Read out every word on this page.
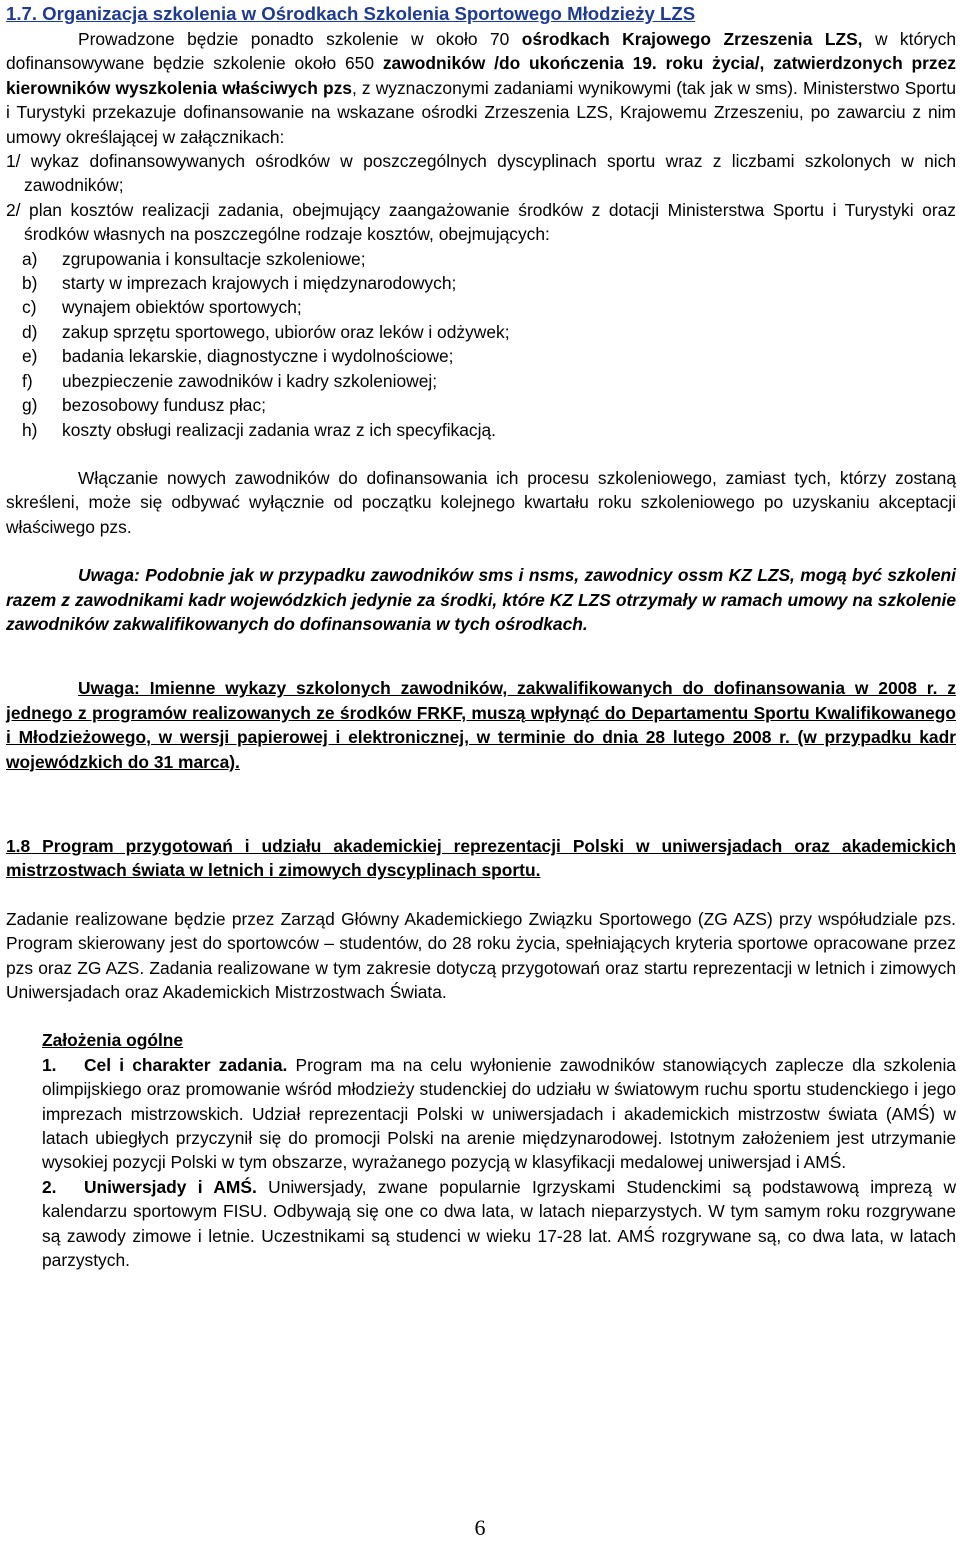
1.7. Organizacja szkolenia w Ośrodkach Szkolenia Sportowego Młodzieży LZS

Prowadzone będzie ponadto szkolenie w około 70 ośrodkach Krajowego Zrzeszenia LZS, w których dofinansowywane będzie szkolenie około 650 zawodników /do ukończenia 19. roku życia/, zatwierdzonych przez kierowników wyszkolenia właściwych pzs, z wyznaczonymi zadaniami wynikowymi (tak jak w sms). Ministerstwo Sportu i Turystyki przekazuje dofinansowanie na wskazane ośrodki Zrzeszenia LZS, Krajowemu Zrzeszeniu, po zawarciu z nim umowy określającej w załącznikach:

1/ wykaz dofinansowywanych ośrodków w poszczególnych dyscyplinach sportu wraz z liczbami szkolonych w nich zawodników;

2/ plan kosztów realizacji zadania, obejmujący zaangażowanie środków z dotacji Ministerstwa Sportu i Turystyki oraz środków własnych na poszczególne rodzaje kosztów, obejmujących:

a) zgrupowania i konsultacje szkoleniowe;
b) starty w imprezach krajowych i międzynarodowych;
c) wynajem obiektów sportowych;
d) zakup sprzętu sportowego, ubiorów oraz leków i odżywek;
e) badania lekarskie, diagnostyczne i wydolnościowe;
f) ubezpieczenie zawodników i kadry szkoleniowej;
g) bezosobowy fundusz płac;
h) koszty obsługi realizacji zadania wraz z ich specyfikacją.

Włączanie nowych zawodników do dofinansowania ich procesu szkoleniowego, zamiast tych, którzy zostaną skreśleni, może się odbywać wyłącznie od początku kolejnego kwartału roku szkoleniowego po uzyskaniu akceptacji właściwego pzs.

Uwaga: Podobnie jak w przypadku zawodników sms i nsms, zawodnicy ossm KZ LZS, mogą być szkoleni razem z zawodnikami kadr wojewódzkich jedynie za środki, które KZ LZS otrzymały w ramach umowy na szkolenie zawodników zakwalifikowanych do dofinansowania w tych ośrodkach.

Uwaga: Imienne wykazy szkolonych zawodników, zakwalifikowanych do dofinansowania w 2008 r. z jednego z programów realizowanych ze środków FRKF, muszą wpłynąć do Departamentu Sportu Kwalifikowanego i Młodzieżowego, w wersji papierowej i elektronicznej, w terminie do dnia 28 lutego 2008 r. (w przypadku kadr wojewódzkich do 31 marca).

1.8 Program przygotowań i udziału akademickiej reprezentacji Polski w uniwersjadach oraz akademickich mistrzostwach świata w letnich i zimowych dyscyplinach sportu.

Zadanie realizowane będzie przez Zarząd Główny Akademickiego Związku Sportowego (ZG AZS) przy współudziale pzs. Program skierowany jest do sportowców – studentów, do 28 roku życia, spełniających kryteria sportowe opracowane przez pzs oraz ZG AZS. Zadania realizowane w tym zakresie dotyczą przygotowań oraz startu reprezentacji w letnich i zimowych Uniwersjadach oraz Akademickich Mistrzostwach Świata.

Założenia ogólne

1. Cel i charakter zadania. Program ma na celu wyłonienie zawodników stanowiących zaplecze dla szkolenia olimpijskiego oraz promowanie wśród młodzieży studenckiej do udziału w światowym ruchu sportu studenckiego i jego imprezach mistrzowskich. Udział reprezentacji Polski w uniwersjadach i akademickich mistrzostw świata (AMŚ) w latach ubiegłych przyczynił się do promocji Polski na arenie międzynarodowej. Istotnym założeniem jest utrzymanie wysokiej pozycji Polski w tym obszarze, wyrażanego pozycją w klasyfikacji medalowej uniwersjad i AMŚ.

2. Uniwersjady i AMŚ. Uniwersjady, zwane popularnie Igrzyskami Studenckimi są podstawową imprezą w kalendarzu sportowym FISU. Odbywają się one co dwa lata, w latach nieparzystych. W tym samym roku rozgrywane są zawody zimowe i letnie. Uczestnikami są studenci w wieku 17-28 lat. AMŚ rozgrywane są, co dwa lata, w latach parzystych.

6
